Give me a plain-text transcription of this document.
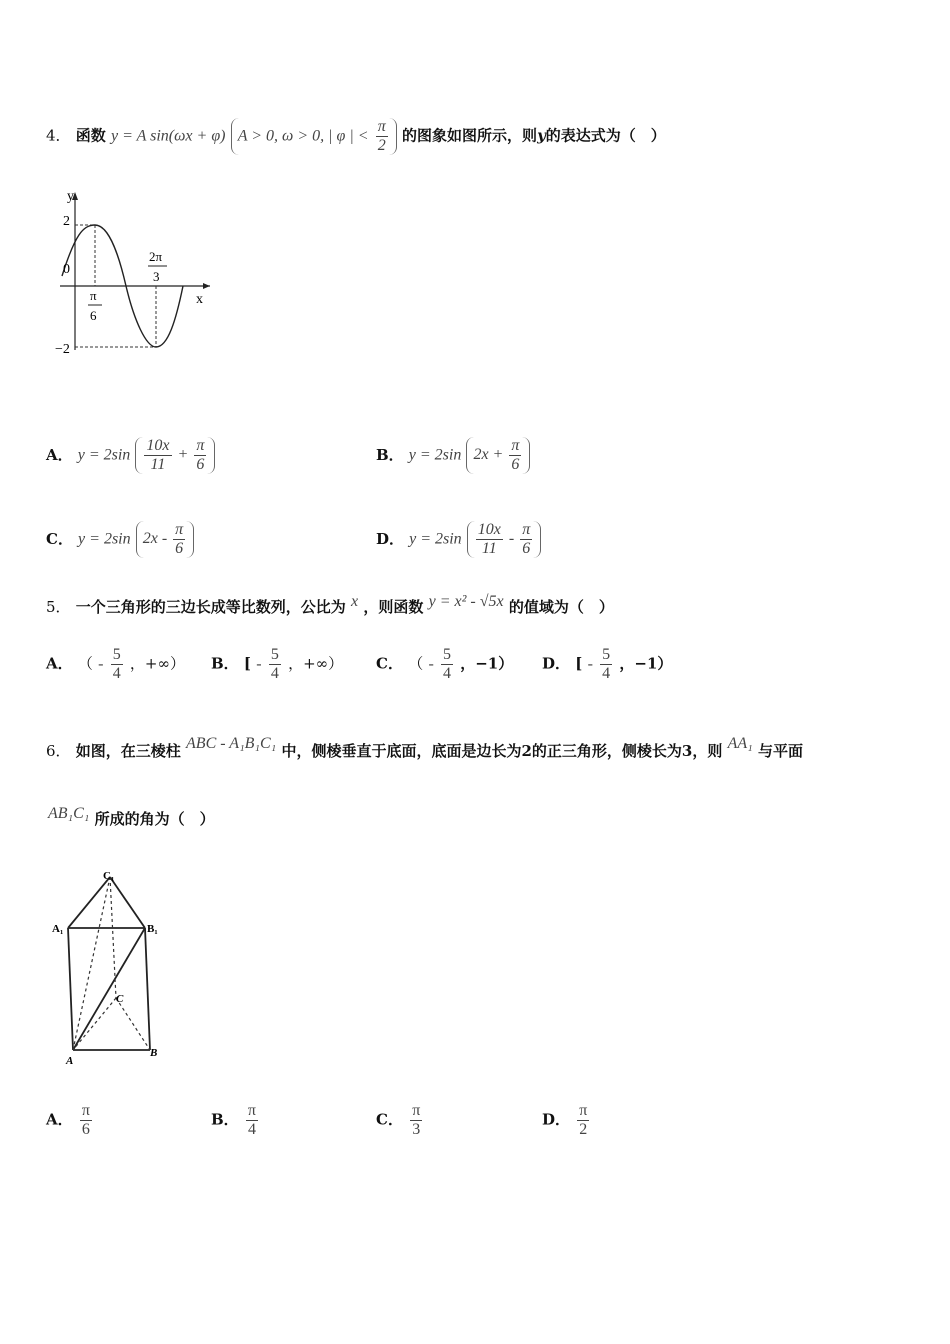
4． 函数 y = A sin(ωx + φ) A > 0, ω > 0, | φ | < $\frac{\pi}{2}$ 的图象如图所示，则y的表达式为（　）
y
x
2
0
−2
π
6
2π
3
A． $y = 2\sin \frac{10x}{11} + \frac{\pi}{6}$	B． y = 2sin $2x + \frac{\pi}{6}$
C． y = 2sin $2x - \frac{\pi}{6}$	D． $y = 2\sin \frac{10x}{11} - \frac{\pi}{6}$
5． 一个三角形的三边长成等比数列，公比为 x ，则函数 y = x² - √5x 的值域为（　）
A． （ - $\frac{5}{4}$ ，+∞） B． [ - $\frac{5}{4}$ ，+∞） C． （ - $\frac{5}{4}$ ，−1） D． [ - $\frac{5}{4}$ ，−1）
6． 如图，在三棱柱 ABC - A₁B₁C₁ 中，侧棱垂直于底面，底面是边长为2的正三角形，侧棱长为3，则 AA₁ 与平面
AB₁C₁ 所成的角为（　）
C₁
A₁	B₁
C
A
B
A． $\frac{\pi}{6}$	B． $\frac{\pi}{4}$	C． $\frac{\pi}{3}$	D． $\frac{\pi}{2}$
